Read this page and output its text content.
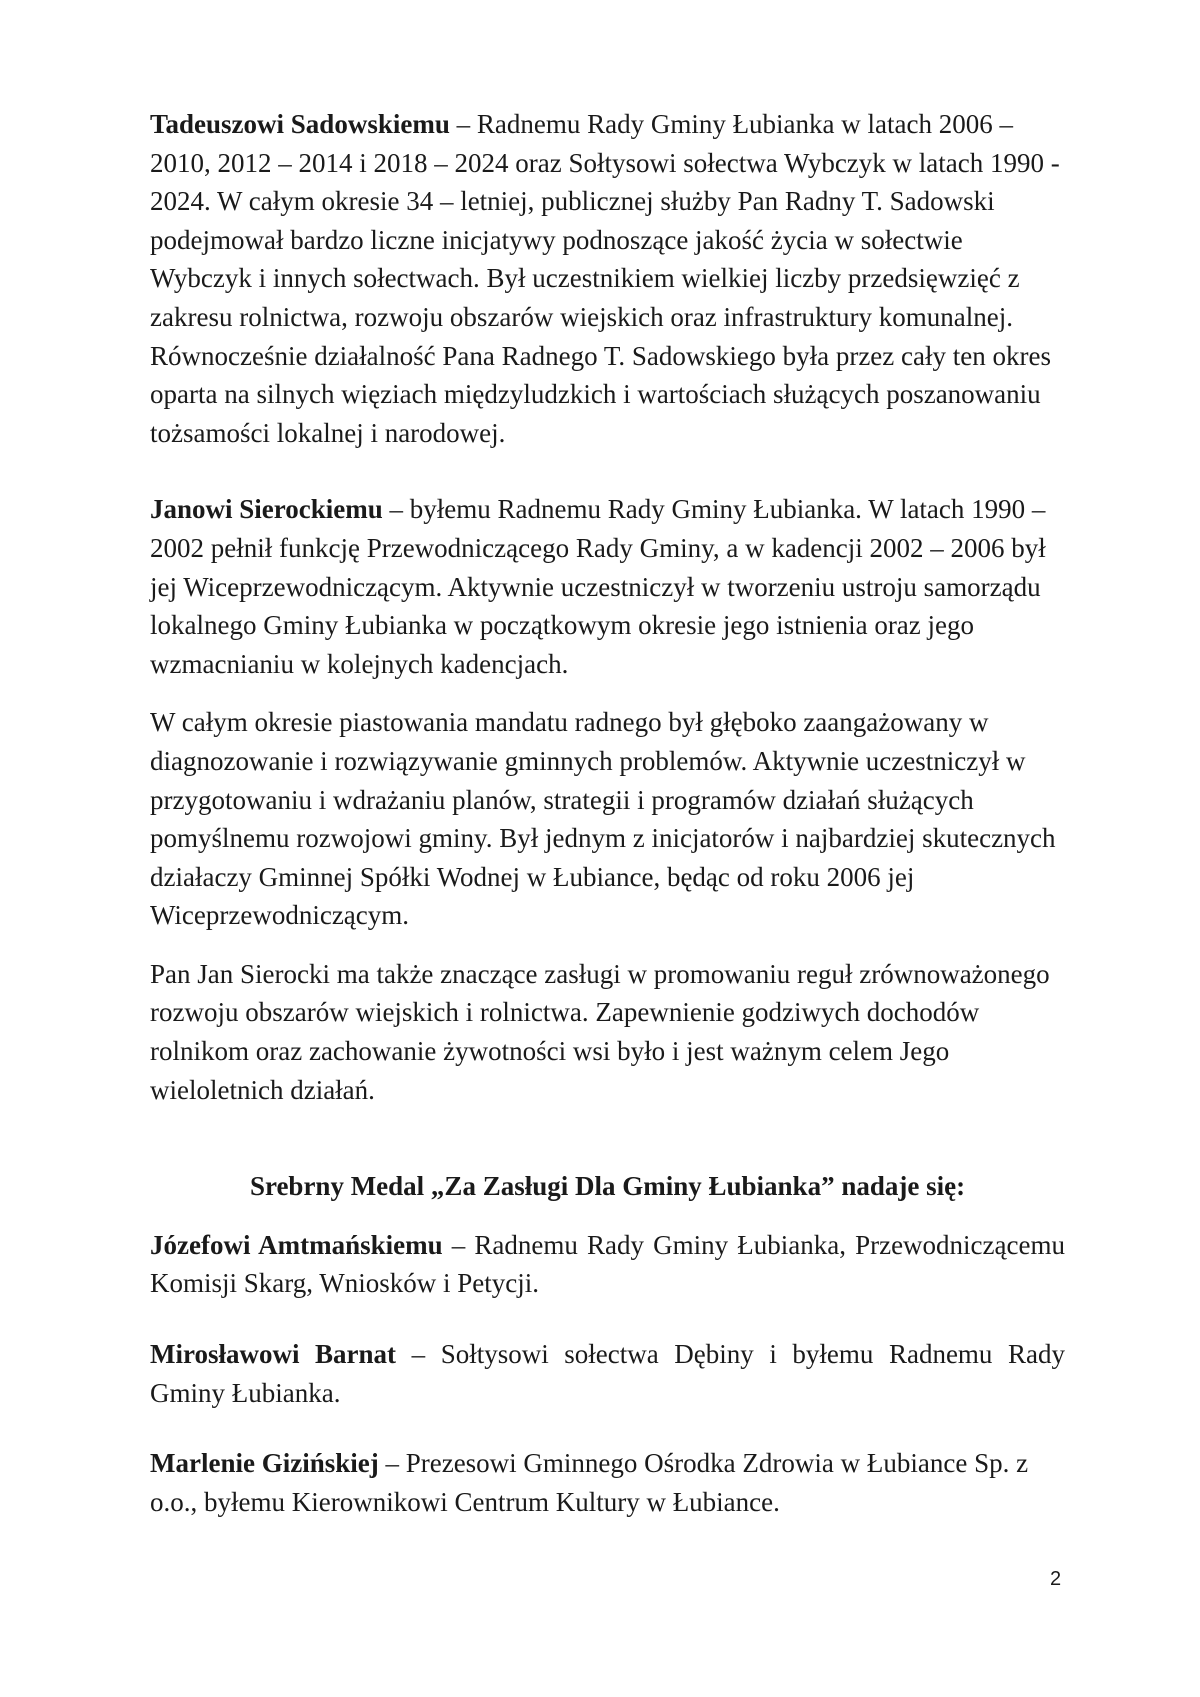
Tadeuszowi Sadowskiemu – Radnemu Rady Gminy Łubianka w latach 2006 – 2010, 2012 – 2014 i 2018 – 2024 oraz Sołtysowi sołectwa Wybczyk w latach 1990 - 2024. W całym okresie 34 – letniej, publicznej służby Pan Radny T. Sadowski podejmował bardzo liczne inicjatywy podnoszące jakość życia w sołectwie Wybczyk i innych sołectwach. Był uczestnikiem wielkiej liczby przedsięwzięć z zakresu rolnictwa, rozwoju obszarów wiejskich oraz infrastruktury komunalnej. Równocześnie działalność Pana Radnego T. Sadowskiego była przez cały ten okres oparta na silnych więziach międzyludzkich i wartościach służących poszanowaniu tożsamości lokalnej i narodowej.

Janowi Sierockiemu – byłemu Radnemu Rady Gminy Łubianka. W latach 1990 – 2002 pełnił funkcję Przewodniczącego Rady Gminy, a w kadencji 2002 – 2006 był jej Wiceprzewodniczącym. Aktywnie uczestniczył w tworzeniu ustroju samorządu lokalnego Gminy Łubianka w początkowym okresie jego istnienia oraz jego wzmacnianiu w kolejnych kadencjach.

W całym okresie piastowania mandatu radnego był głęboko zaangażowany w diagnozowanie i rozwiązywanie gminnych problemów. Aktywnie uczestniczył w przygotowaniu i wdrażaniu planów, strategii i programów działań służących pomyślnemu rozwojowi gminy. Był jednym z inicjatorów i najbardziej skutecznych działaczy Gminnej Spółki Wodnej w Łubiance, będąc od roku 2006 jej Wiceprzewodniczącym.

Pan Jan Sierocki ma także znaczące zasługi w promowaniu reguł zrównoważonego rozwoju obszarów wiejskich i rolnictwa. Zapewnienie godziwych dochodów rolnikom oraz zachowanie żywotności wsi było i jest ważnym celem Jego wieloletnich działań.

Srebrny Medal „Za Zasługi Dla Gminy Łubianka” nadaje się:

Józefowi Amtmańskiemu – Radnemu Rady Gminy Łubianka, Przewodniczącemu Komisji Skarg, Wniosków i Petycji.

Mirosławowi Barnat – Sołtysowi sołectwa Dębiny i byłemu Radnemu Rady Gminy Łubianka.

Marlenie Gizińskiej – Prezesowi Gminnego Ośrodka Zdrowia w Łubiance Sp. z o.o., byłemu Kierownikowi Centrum Kultury w Łubiance.

2
